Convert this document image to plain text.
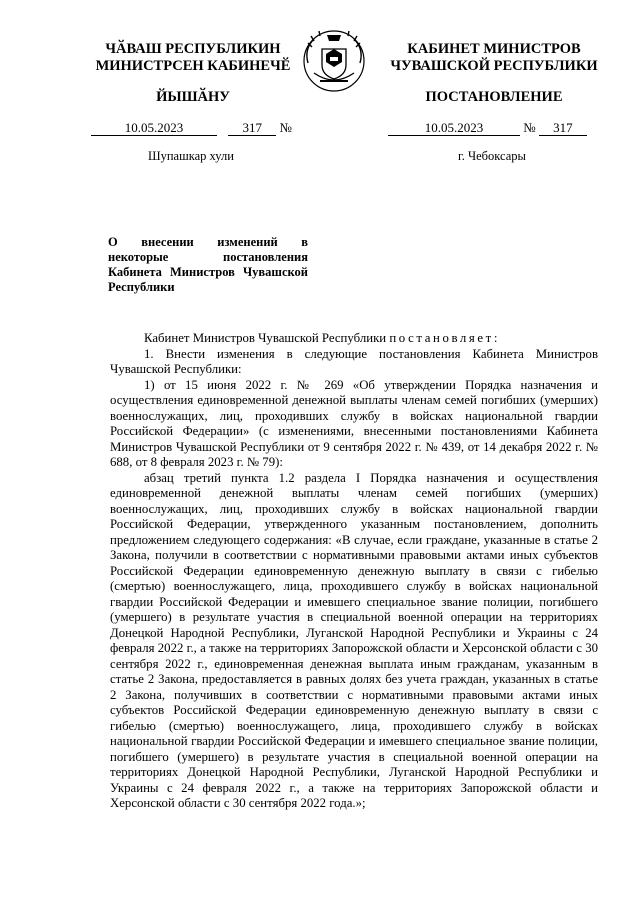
ЧӐВАШ РЕСПУБЛИКИН МИНИСТРСЕН КАБИНЕЧӖ
КАБИНЕТ МИНИСТРОВ ЧУВАШСКОЙ РЕСПУБЛИКИ
ЙЫШӐНУ	ПОСТАНОВЛЕНИЕ
10.05.2023	317 №	10.05.2023	№ 317
Шупашкар хули	г. Чебоксары
О внесении изменений в некоторые постановления Кабинета Министров Чувашской Республики

Кабинет Министров Чувашской Республики постановляет:

1. Внести изменения в следующие постановления Кабинета Министров Чувашской Республики:

1) от 15 июня 2022 г. № 269 «Об утверждении Порядка назначения и осуществления единовременной денежной выплаты членам семей погибших (умерших) военнослужащих, лиц, проходивших службу в войсках национальной гвардии Российской Федерации» (с изменениями, внесенными постановлениями Кабинета Министров Чувашской Республики от 9 сентября 2022 г. № 439, от 14 декабря 2022 г. № 688, от 8 февраля 2023 г. № 79):

абзац третий пункта 1.2 раздела I Порядка назначения и осуществления единовременной денежной выплаты членам семей погибших (умерших) военнослужащих, лиц, проходивших службу в войсках национальной гвардии Российской Федерации, утвержденного указанным постановлением, дополнить предложением следующего содержания: «В случае, если граждане, указанные в статье 2 Закона, получили в соответствии с нормативными правовыми актами иных субъектов Российской Федерации единовременную денежную выплату в связи с гибелью (смертью) военнослужащего, лица, проходившего службу в войсках национальной гвардии Российской Федерации и имевшего специальное звание полиции, погибшего (умершего) в результате участия в специальной военной операции на территориях Донецкой Народной Республики, Луганской Народной Республики и Украины с 24 февраля 2022 г., а также на территориях Запорожской области и Херсонской области с 30 сентября 2022 г., единовременная денежная выплата иным гражданам, указанным в статье 2 Закона, предоставляется в равных долях без учета граждан, указанных в статье 2 Закона, получивших в соответствии с нормативными правовыми актами иных субъектов Российской Федерации единовременную денежную выплату в связи с гибелью (смертью) военнослужащего, лица, проходившего службу в войсках национальной гвардии Российской Федерации и имевшего специальное звание полиции, погибшего (умершего) в результате участия в специальной военной операции на территориях Донецкой Народной Республики, Луганской Народной Республики и Украины с 24 февраля 2022 г., а также на территориях Запорожской области и Херсонской области с 30 сентября 2022 года.»;
